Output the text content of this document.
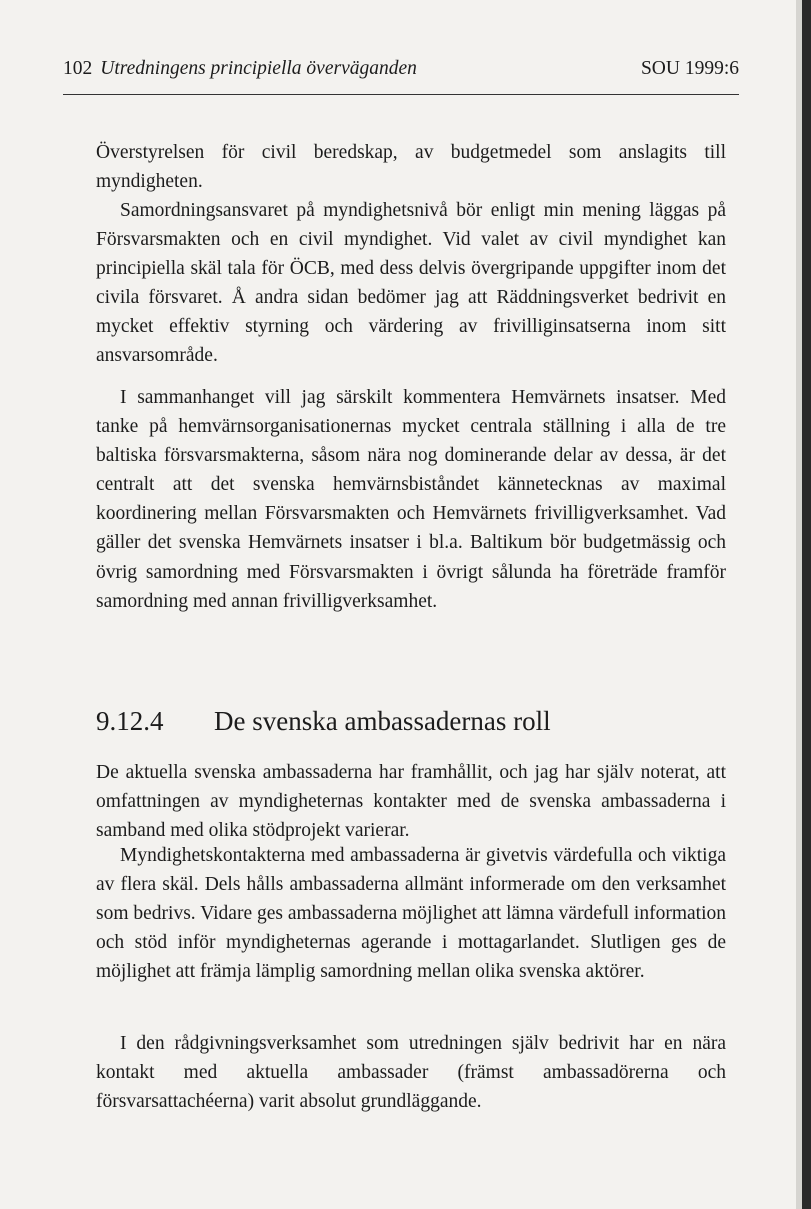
102 Utredningens principiella överväganden	SOU 1999:6
Överstyrelsen för civil beredskap, av budgetmedel som anslagits till myndigheten.
Samordningsansvaret på myndighetsnivå bör enligt min mening läggas på Försvarsmakten och en civil myndighet. Vid valet av civil myndighet kan principiella skäl tala för ÖCB, med dess delvis övergripande uppgifter inom det civila försvaret. Å andra sidan bedömer jag att Räddningsverket bedrivit en mycket effektiv styrning och värdering av frivilliginsatserna inom sitt ansvarsområde.
I sammanhanget vill jag särskilt kommentera Hemvärnets insatser. Med tanke på hemvärnsorganisationernas mycket centrala ställning i alla de tre baltiska försvarsmakterna, såsom nära nog dominerande delar av dessa, är det centralt att det svenska hemvärnsbiståndet kännetecknas av maximal koordinering mellan Försvarsmakten och Hemvärnets frivilligverksamhet. Vad gäller det svenska Hemvärnets insatser i bl.a. Baltikum bör budgetmässig och övrig samordning med Försvarsmakten i övrigt sålunda ha företräde framför samordning med annan frivilligverksamhet.
9.12.4 De svenska ambassadernas roll
De aktuella svenska ambassaderna har framhållit, och jag har själv noterat, att omfattningen av myndigheternas kontakter med de svenska ambassaderna i samband med olika stödprojekt varierar.
Myndighetskontakterna med ambassaderna är givetvis värdefulla och viktiga av flera skäl. Dels hålls ambassaderna allmänt informerade om den verksamhet som bedrivs. Vidare ges ambassaderna möjlighet att lämna värdefull information och stöd inför myndigheternas agerande i mottagarlandet. Slutligen ges de möjlighet att främja lämplig samordning mellan olika svenska aktörer.
I den rådgivningsverksamhet som utredningen själv bedrivit har en nära kontakt med aktuella ambassader (främst ambassadörerna och försvarsattachéerna) varit absolut grundläggande.
